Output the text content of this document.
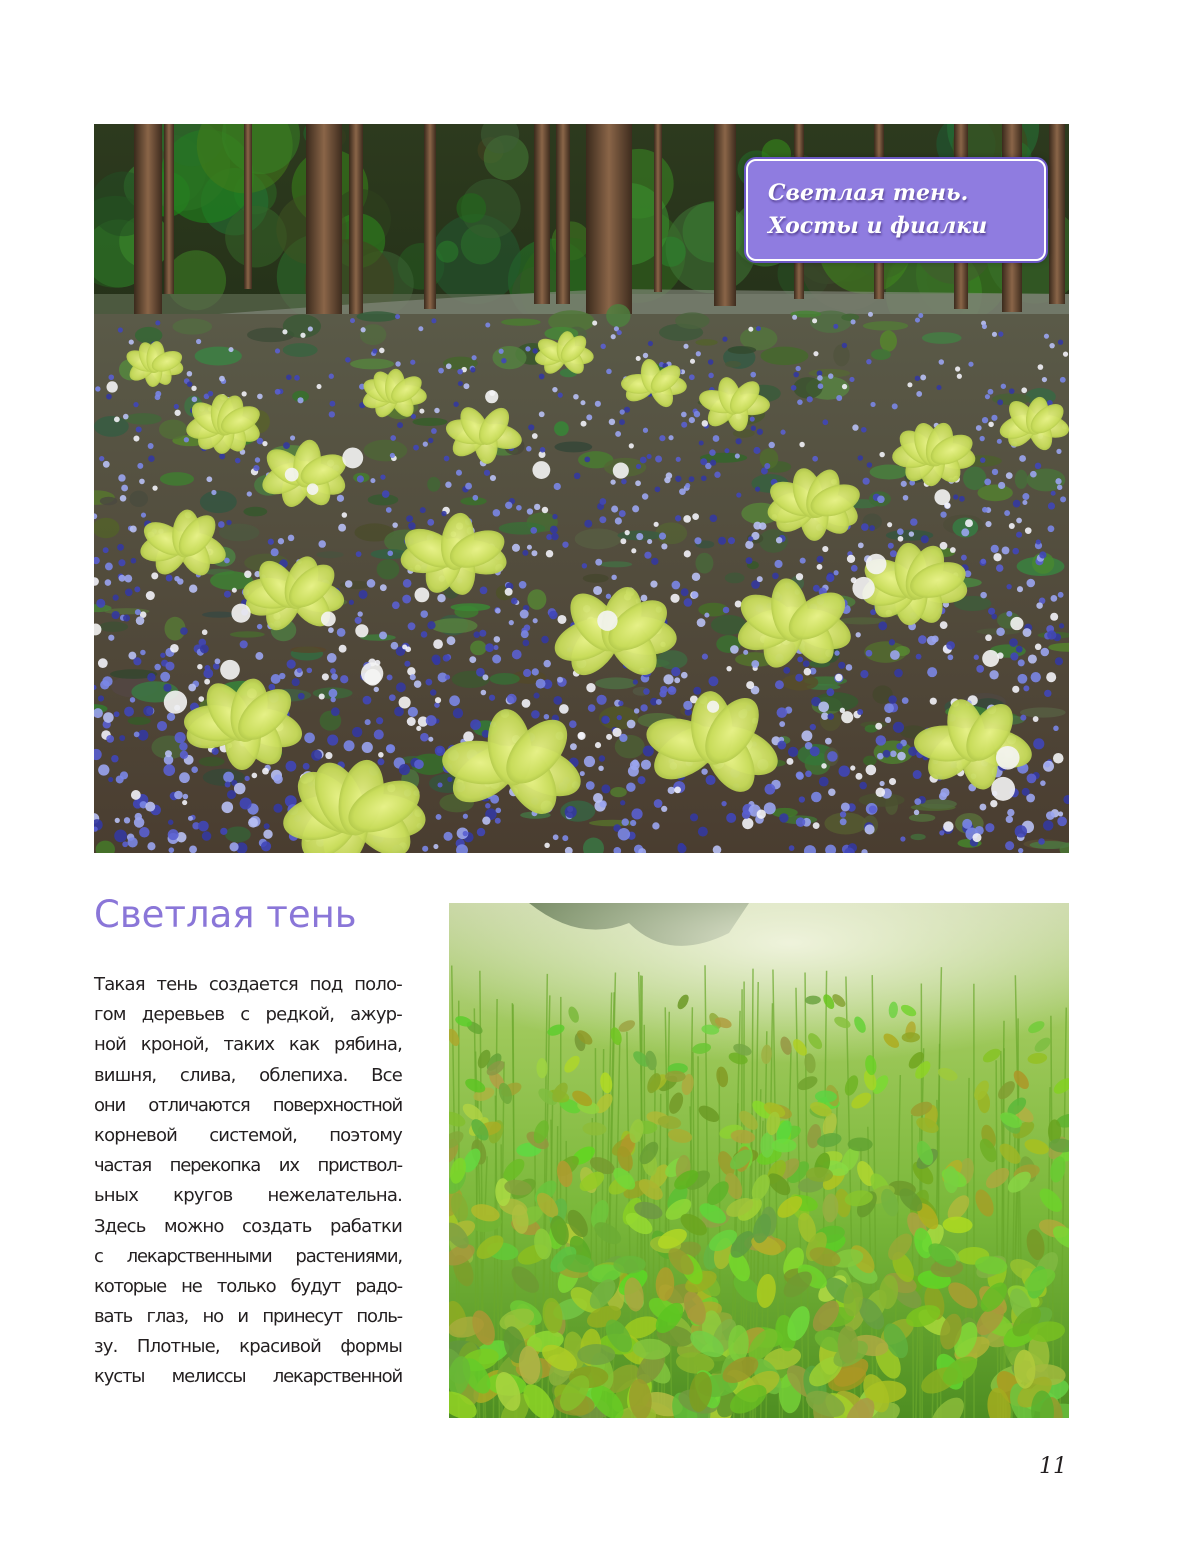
Светлая тень.
Хосты и фиалки
Светлая тень
Такая тень создается под поло-
гом деревьев с редкой, ажур-
ной кроной, таких как рябина,
вишня, слива, облепиха. Все
они отличаются поверхностной
корневой системой, поэтому
частая перекопка их приствол-
ьных кругов нежелательна.
Здесь можно создать рабатки
с лекарственными растениями,
которые не только будут радо-
вать глаз, но и принесут поль-
зу. Плотные, красивой формы
кусты мелиссы лекарственной
11
